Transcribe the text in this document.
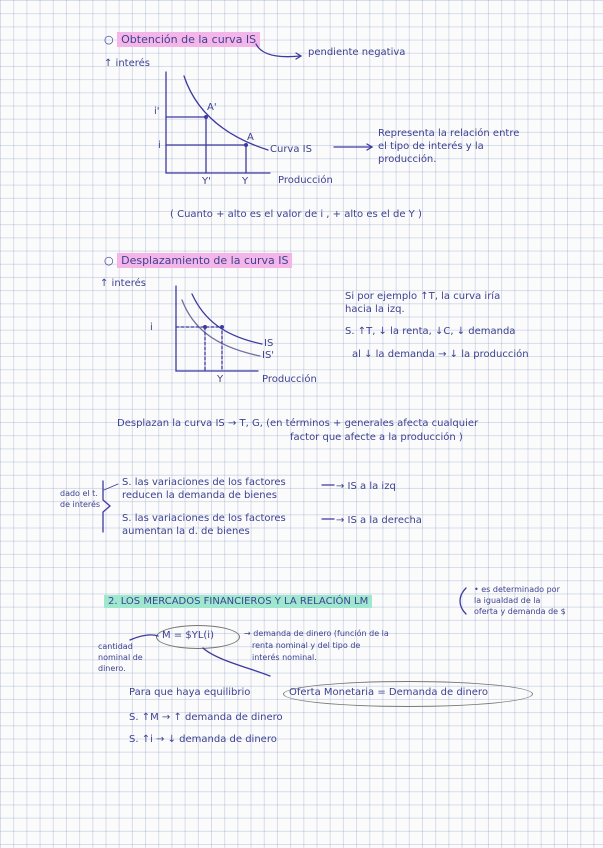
○ Obtención de la curva IS
pendiente negativa
↑ interés
i'
i
A'
A
Y'	Y
Curva IS
Producción
Representa la relación entre
el tipo de interés y la
producción.
( Cuanto + alto es el valor de i , + alto es el de Y )
○ Desplazamiento de la curva IS
↑ interés
i
IS
IS'
Y	Producción
Si por ejemplo ↑T, la curva iría
hacia la izq.
S. ↑T, ↓ la renta, ↓C, ↓ demanda
al ↓ la demanda → ↓ la producción
Desplazan la curva IS → T, G, (en términos + generales afecta cualquier
factor que afecte a la producción )
dado el t.
de interés
S. las variaciones de los factores
reducen la demanda de bienes
→ IS a la izq
S. las variaciones de los factores
aumentan la d. de bienes
→ IS a la derecha
2. LOS MERCADOS FINANCIEROS Y LA RELACIÓN LM
• es determinado por
la igualdad de la
oferta y demanda de $
M = $YL(i)	→ demanda de dinero (función de la
renta nominal y del tipo de
interés nominal.
cantidad
nominal de
dinero.
Para que haya equilibrio	Oferta Monetaria = Demanda de dinero
S. ↑M → ↑ demanda de dinero
S. ↑i → ↓ demanda de dinero
